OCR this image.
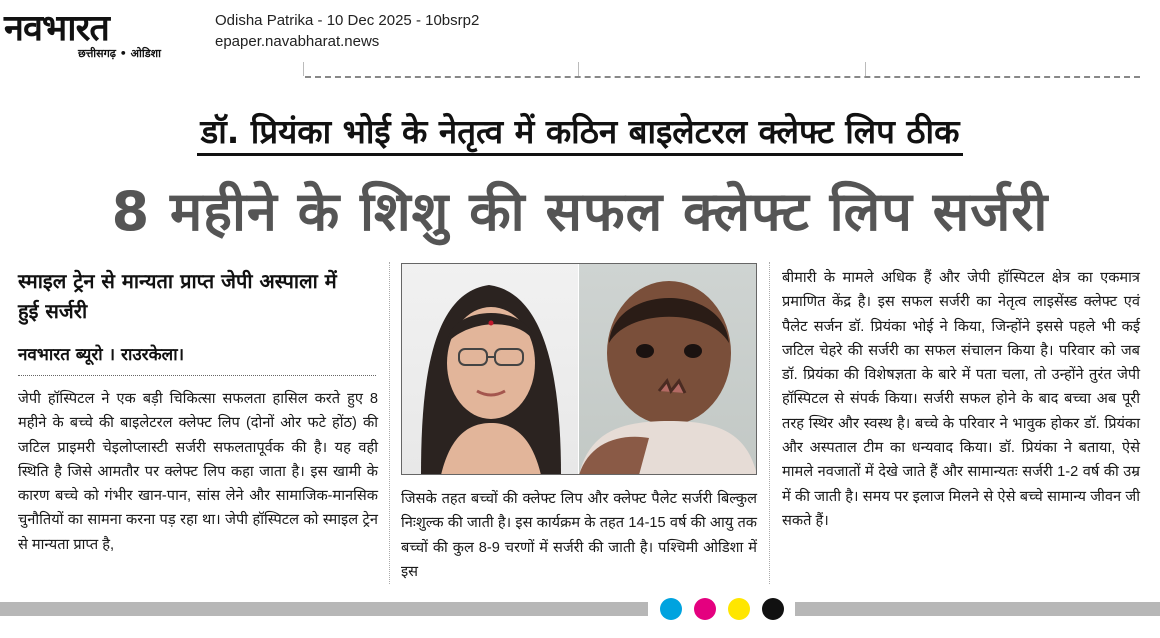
नवभारत
छत्तीसगढ़ • ओडिशा
Odisha Patrika - 10 Dec 2025 - 10bsrp2
epaper.navabharat.news
डॉ. प्रियंका भोई के नेतृत्व में कठिन बाइलेटरल क्लेफ्ट लिप ठीक
8 महीने के शिशु की सफल क्लेफ्ट लिप सर्जरी
स्माइल ट्रेन से मान्यता प्राप्त जेपी अस्पाला में हुई सर्जरी
नवभारत ब्यूरो । राउरकेला।
जेपी हॉस्पिटल ने एक बड़ी चिकित्सा सफलता हासिल करते हुए 8 महीने के बच्चे की बाइलेटरल क्लेफ्ट लिप (दोनों ओर फटे होंठ) की जटिल प्राइमरी चेइलोप्लास्टी सर्जरी सफलतापूर्वक की है। यह वही स्थिति है जिसे आमतौर पर क्लेफ्ट लिप कहा जाता है। इस खामी के कारण बच्चे को गंभीर खान-पान, सांस लेने और सामाजिक-मानसिक चुनौतियों का सामना करना पड़ रहा था। जेपी हॉस्पिटल को स्माइल ट्रेन से मान्यता प्राप्त है,
जिसके तहत बच्चों की क्लेफ्ट लिप और क्लेफ्ट पैलेट सर्जरी बिल्कुल निःशुल्क की जाती है। इस कार्यक्रम के तहत 14-15 वर्ष की आयु तक बच्चों की कुल 8-9 चरणों में सर्जरी की जाती है। पश्चिमी ओडिशा में इस
बीमारी के मामले अधिक हैं और जेपी हॉस्पिटल क्षेत्र का एकमात्र प्रमाणित केंद्र है। इस सफल सर्जरी का नेतृत्व लाइसेंस्ड क्लेफ्ट एवं पैलेट सर्जन डॉ. प्रियंका भोई ने किया, जिन्होंने इससे पहले भी कई जटिल चेहरे की सर्जरी का सफल संचालन किया है। परिवार को जब डॉ. प्रियंका की विशेषज्ञता के बारे में पता चला, तो उन्होंने तुरंत जेपी हॉस्पिटल से संपर्क किया। सर्जरी सफल होने के बाद बच्चा अब पूरी तरह स्थिर और स्वस्थ है। बच्चे के परिवार ने भावुक होकर डॉ. प्रियंका और अस्पताल टीम का धन्यवाद किया। डॉ. प्रियंका ने बताया, ऐसे मामले नवजातों में देखे जाते हैं और सामान्यतः सर्जरी 1-2 वर्ष की उम्र में की जाती है। समय पर इलाज मिलने से ऐसे बच्चे सामान्य जीवन जी सकते हैं।
